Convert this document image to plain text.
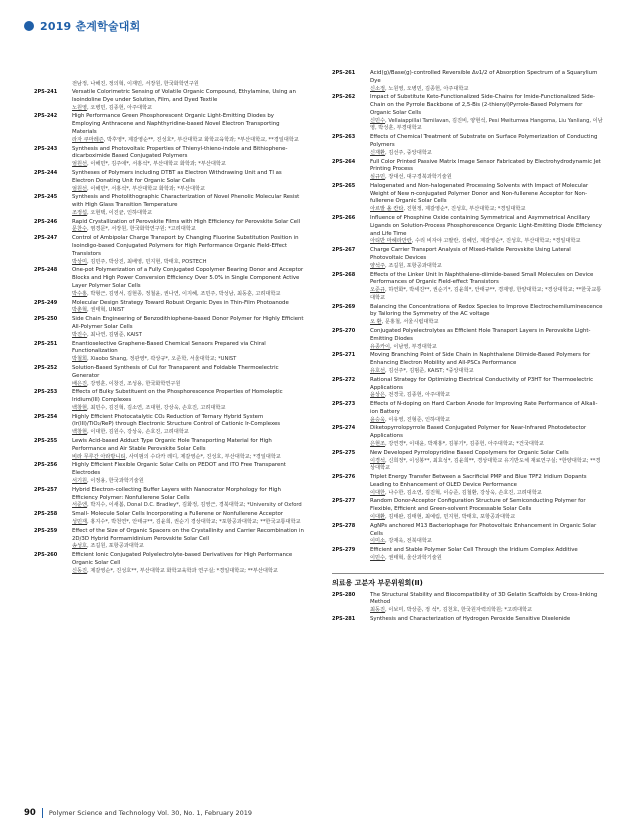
2019 춘계학술대회
전남정, 나해진, 정의혁, 이재민, 서장원, 한국화학연구원
2PS-241	Versatile Colorimetric Sensing of Volatile Organic Compound, Ethylamine, Using an Isoindoline Dye under Solution, Film, and Dyed Textile
노원영, 오병민, 김종헌, 아주대학교
2PS-242	High Performance Green Phosphorescent Organic Light-Emitting Diodes by Employing Anthracene and Naphthyridine-based Novel Electron Transporting Materials
라자 쿠마레즌, 박후영*, 제갈영순**, 진성호*, 부산대학교 화학교육학과; *부산대학교, **경일대학교
2PS-243	Synthesis and Photovoltaic Properties of Thienyl-thieno-indole and Bithiophene-dicarboximide Based Conjugated Polymers
엄원선, 이해민*, 김주애*, 서홍석*, 부산대학교 화학과; *부산대학교
2PS-244	Syntheses of Polymers including DTBT as Electron Withdrawing Unit and TI as Electron Donating Unit for Organic Solar Cells
엄원선, 이해민*, 서홍석*, 부산대학교 화학과; *부산대학교
2PS-245	Synthesis and Photolithographic Characterization of Novel Phenolic Molecular Resist with High Glass Transition Temperature
조정섭, 오현택, 이진균, 인하대학교
2PS-246	Rapid Crystallization of Perovskite Films with High Efficiency for Perovskite Solar Cell
문찬수, 염경문*, 서장원, 한국화학연구원; *고려대학교
2PS-247	Control of Ambipolar Charge Transport by Changing Fluorine Substitution Position in Isoindigo-based Conjugated Polymers for High Performance Organic Field-Effect Transistors
박상미, 김민주, 박상진, 최배영, 민지현, 박태호, POSTECH
2PS-248	One-pot Polymerization of a Fully Conjugated Copolymer Bearing Donor and Acceptor Blocks and High Power Conversion Efficiency Over 5.0% in Single Component Active Layer Polymer Solar Cells
박수홍, 박형근, 김영서, 김현종, 정철윤, 권나연, 이지혜, 조민주, 박성남, 최동훈, 고려대학교
2PS-249	Molecular Design Strategy Toward Robust Organic Dyes in Thin-Film Photoanode
박춘혁, 권태혁, UNIST
2PS-250	Side Chain Engineering of Benzodithiophene-based Donor Polymer for Highly Efficient All-Polymer Solar Cells
박진수, 최나연, 김범준, KAIST
2PS-251	Enantioselective Graphene-Based Chemical Sensors Prepared via Chiral Functionalization
박철희, Xiaobo Shang, 정관영*, 곽상규*, 오준학, 서울대학교; *UNIST
2PS-252	Solution-Based Synthesis of CuI for Transparent and Foldable Thermoelectric Generator
배은진, 강영훈, 이창진, 조성용, 한국화학연구원
2PS-253	Effects of Bulky Substituent on the Phosphorescence Properties of Homoleptic Iridium(III) Complexes
백창현, 최민수, 김진혁, 김소연, 조대현, 강상욱, 손호진, 고려대학교
2PS-254	Highly Efficient Photocatalytic CO₂ Reduction of Ternary Hybrid System (Ir(III)/TiO₂/ReP) through Electronic Structure Control of Cationic Ir-Complexes
백창현, 이대한, 김원수, 강상욱, 손호진, 고려대학교
2PS-255	Lewis Acid-based Adduct Type Organic Hole Transporting Material for High Performance and Air Stable Perovskite Solar Cells
비라 무루간 아라방니티, 사미펌의 수다카 레디, 제갈영순*, 진성호, 부산대학교; *경일대학교
2PS-256	Highly Efficient Flexible Organic Solar Cells on PEDOT and ITO Free Transparent Electrodes
서기원, 이정용, 한국과학기술원
2PS-257	Hybrid Electron-collecting Buffer Layers with Nanocrator Morphology for High Efficiency Polymer: Nonfullerene Solar Cells
서준엔, 박지수, 이새봄, Donal D.C. Bradley*, 김화정, 김영근, 경북대학교; *University of Oxford
2PS-258	Small- Molecule Solar Cells Incorporating a Fullerene or Nonfullerene Acceptor
성민재, 홍지수*, 박천연*, 안태규**, 김윤희, 권순기 경상대학교; *포항공과대학교; **한국교통대학교
2PS-259	Effect of the Size of Organic Spacers on the Crystallinity and Carrier Recombination in 2D/3D Hybrid Formamidinium Perovskite Solar Cell
송성호, 조길원, 포항공과대학교
2PS-260	Efficient Ionic Conjugated Polyelectrolyte-based Derivatives for High Performance Organic Solar Cell
신동진, 제갈영순*, 진성호**, 부산대학교 화학교육학과 연구실; *경일대학교; **부산대학교
2PS-261	Acid(g)/Base(g)-controlled Reversible Δν1/2 of Absorption Spectrum of a Squarylium Dye
신소정, 노원영, 오병민, 김종헌, 아주대학교
2PS-262	Impact of Substitute Keto-Functionalized Side-Chains for Imide-Functionalized Side-Chain on the Pyrrole Backbone of 2,5-Bis (2-thienyl)Pyrrole-Based Polymers for Organic Solar Cells
신민수, Vellaiappillai Tamilavan, 김진비, 양현석, Pesi Mwitumwa Hangoma, Liu Yanliang, 이남영, 박성훈, 부경대학교
2PS-263	Effects of Chemical Treatment of Substrate on Surface Polymerization of Conducting Polymers
신재환, 김선주, 중앙대학교
2PS-264	Full Color Printed Passive Matrix Image Sensor Fabricated by Electrohydrodynamic Jet Printing Process
심규민, 장대선, 대구경북과학기술원
2PS-265	Halogenated and Non-halogenated Processing Solvents with Impact of Molecular Weight of New π-conjugated Polymer Donor and Non-fullerene Acceptor for Non-fullerene Organic Solar Cells
아르발 올 칸타, 진현정, 제갈영순*, 진성호, 부산대학교; *경일대학교
2PS-266	Influence of Phosphine Oxide containing Symmetrical and Asymmetrical Ancillary Ligands on Solution-Process Phosphorescence Organic Light-Emitting Diode Efficiency and Life Time
아티반 마헤라만란, 수리 비자야 고팔란, 김혜인, 제갈영순*, 진성호, 부산대학교; *경일대학교
2PS-267	Charge Carrier Transport Analysis of Mixed-Halide Perovskite Using Lateral Photovoltaic Devices
양석주, 조길원, 포항공과대학교
2PS-268	Effects of the Linker Unit In Naphthalene-diimide-based Small Molecules on Device Performances of Organic Field-effect Transistors
오준규, 하연화*, 박세진**, 권순기*, 김윤희*, 안태규**, 경재영, 한양대학교; *경상대학교; **한국교통대학교
2PS-269	Balancing the Concentrations of Redox Species to Improve Electrochemiluminescence by Tailoring the Symmetry of the AC voltage
오 환, 문홍철, 서울시립대학교
2PS-270	Conjugated Polyelectrolytes as Efficient Hole Transport Layers in Perovskite Light-Emitting Diodes
유종카이, 이남영, 부경대학교
2PS-271	Moving Branching Point of Side Chain in Naphthalene Diimide-Based Polymers for Enhancing Electron Mobility and All-PSCs Performance
유호선, 김선주*, 김범준, KAIST; *중앙대학교
2PS-272	Rational Strategy for Optimizing Electrical Conductivity of P3HT for Thermoelectric Applications
윤상은, 전경국, 김종헌, 아주대학교
2PS-273	Effects of N-doping on Hard Carbon Anode for Improving Rate Performance of Alkali-ion Battery
윤승욱, 이유영, 진형준, 인하대학교
2PS-274	Diketopyrrolopyrrole Based Conjugated Polymer for Near-Infrared Photodetector Applications
은현조, 강연경*, 이대윤, 박재홍*, 김봉기*, 김종헌, 아주대학교; *건국대학교
2PS-275	New Developed Pyrrolopyridine Based Copolymers for Organic Solar Cells
이경석, 신희정*, 이성봉**, 최효성*, 김윤희**, 경상대학교 유기반도체 재료연구실; *한양대학교; **경상대학교
2PS-276	Triplet Energy Transfer Between a Sacrificial PMP and Blue TPF2 Iridium Dopants Leading to Enhancement of OLED Device Performance
이대한, 나수한, 김소연, 김진혁, 이승준, 김철환, 강상욱, 손호진, 고려대학교
2PS-277	Random Donor-Acceptor Configuration Structure of Semiconducting Polymer for Flexible, Efficient and Green-solvent Processable Solar Cells
이대환, 김태완, 김태현, 최예림, 민지현, 박태호, 포항공과대학교
2PS-278	AgNPs anchored M13 Bacteriophage for Photovoltaic Enhancement in Organic Solar Cells
이미소, 강재욱, 전북대학교
2PS-279	Efficient and Stable Polymer Solar Cell Through the Iridium Complex Additive
이민수, 권태혁, 울산과학기술원
의료용 고분자 부문위원회(II)
2PS-280	The Structural Stability and Biocompatibility of 3D Gelatin Scaffolds by Cross-linking Method
최동진, 이보미, 박상준, 정 석*, 김천호, 한국원자력의학원; *고려대학교
2PS-281	Synthesis and Characterization of Hydrogen Peroxide Sensitive Dixelenide
90 Polymer Science and Technology Vol. 30, No. 1, February 2019
